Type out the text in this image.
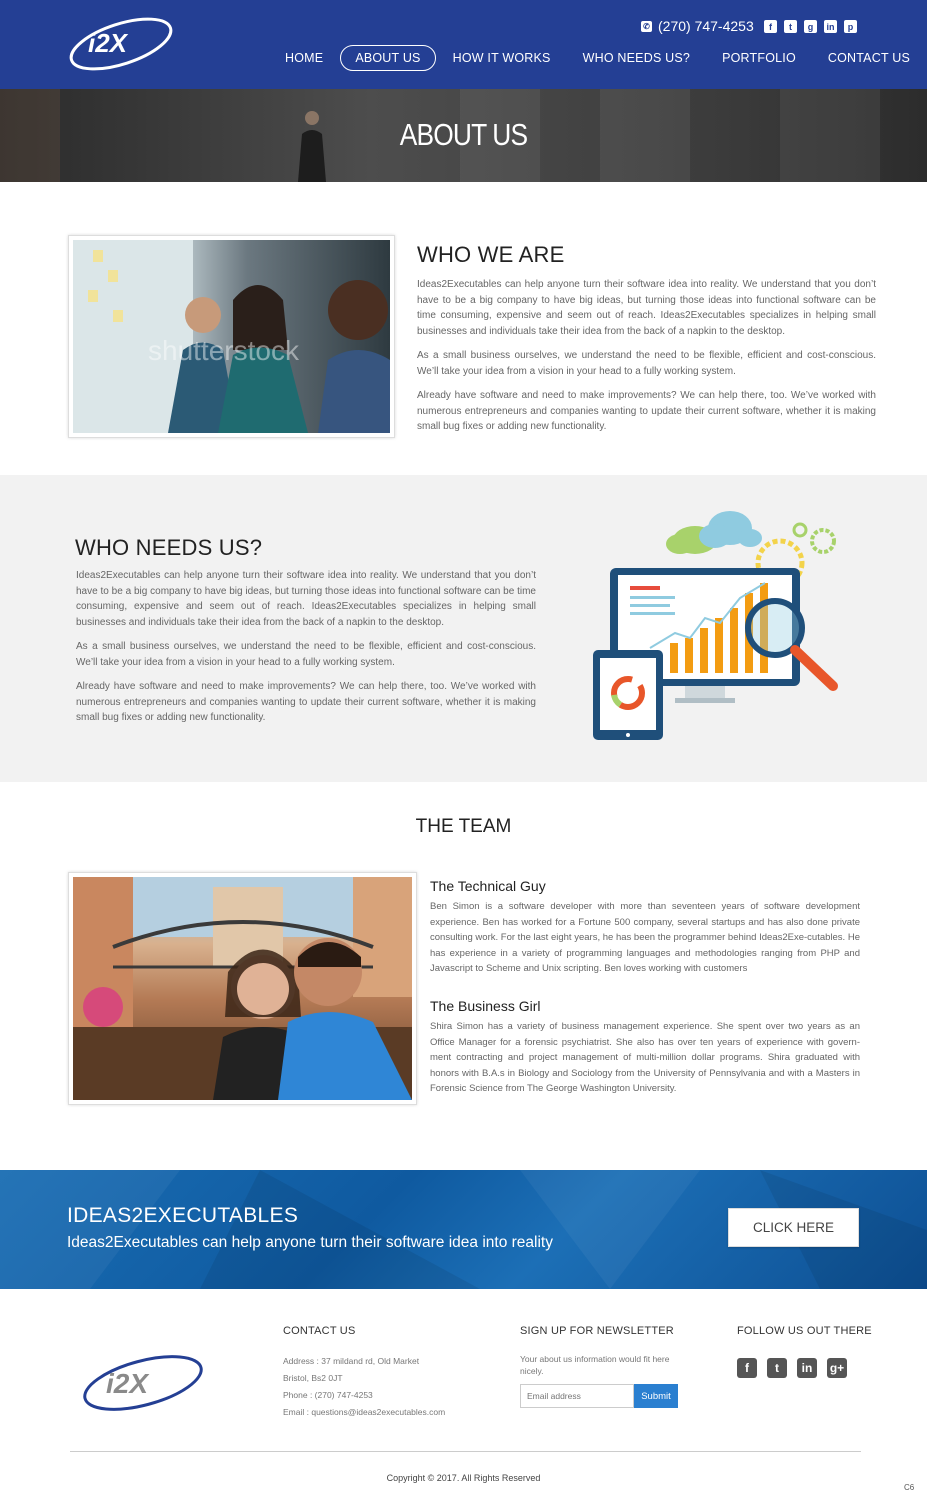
i2X
✆ (270) 747-4253	f	t	g	in	p
HOME	ABOUT US	HOW IT WORKS	WHO NEEDS US?	PORTFOLIO	CONTACT US
ABOUT US
shutterstock
WHO WE ARE

Ideas2Executables can help anyone turn their software idea into reality. We understand that you don’t have to be a big company to have big ideas, but turning those ideas into functional software can be time consuming, expensive and seem out of reach. Ideas2Executables specializes in helping small businesses and individuals take their idea from the back of a napkin to the desktop.

As a small business ourselves, we understand the need to be flexible, efficient and cost-conscious. We’ll take your idea from a vision in your head to a fully working system.

Already have software and need to make improvements? We can help there, too. We’ve worked with numerous entrepreneurs and companies wanting to update their current software, whether it is making small bug fixes or adding new functionality.

WHO NEEDS US?

Ideas2Executables can help anyone turn their software idea into reality. We understand that you don’t have to be a big company to have big ideas, but turning those ideas into functional software can be time consuming, expensive and seem out of reach. Ideas2Executables specializes in helping small businesses and individuals take their idea from the back of a napkin to the desktop.

As a small business ourselves, we understand the need to be flexible, efficient and cost-conscious. We’ll take your idea from a vision in your head to a fully working system.

Already have software and need to make improvements? We can help there, too. We’ve worked with numerous entrepreneurs and companies wanting to update their current software, whether it is making small bug fixes or adding new functionality.

THE TEAM
The Technical Guy
Ben Simon is a software developer with more than seventeen years of software development experience. Ben has worked for a Fortune 500 company, several startups and has also done private consulting work. For the last eight years, he has been the programmer behind Ideas2Exe-cutables. He has experience in a variety of programming languages and methodologies ranging from PHP and Javascript to Scheme and Unix scripting. Ben loves working with customers
The Business Girl
Shira Simon has a variety of business management experience. She spent over two years as an Office Manager for a forensic psychiatrist. She also has over ten years of experience with govern-ment contracting and project management of multi-million dollar programs. Shira graduated with honors with B.A.s in Biology and Sociology from the University of Pennsylvania and with a Masters in Forensic Science from The George Washington University.
IDEAS2EXECUTABLES
Ideas2Executables can help anyone turn their software idea into reality
CLICK HERE
i2X
CONTACT US
Address : 37 mildand rd, Old Market
Bristol, Bs2 0JT
Phone : (270) 747-4253
Email : questions@ideas2executables.com
SIGN UP FOR NEWSLETTER
Your about us information would fit here nicely.
Email address
Submit
FOLLOW US OUT THERE
f	t	in	g+
Copyright © 2017. All Rights Reserved
C6
